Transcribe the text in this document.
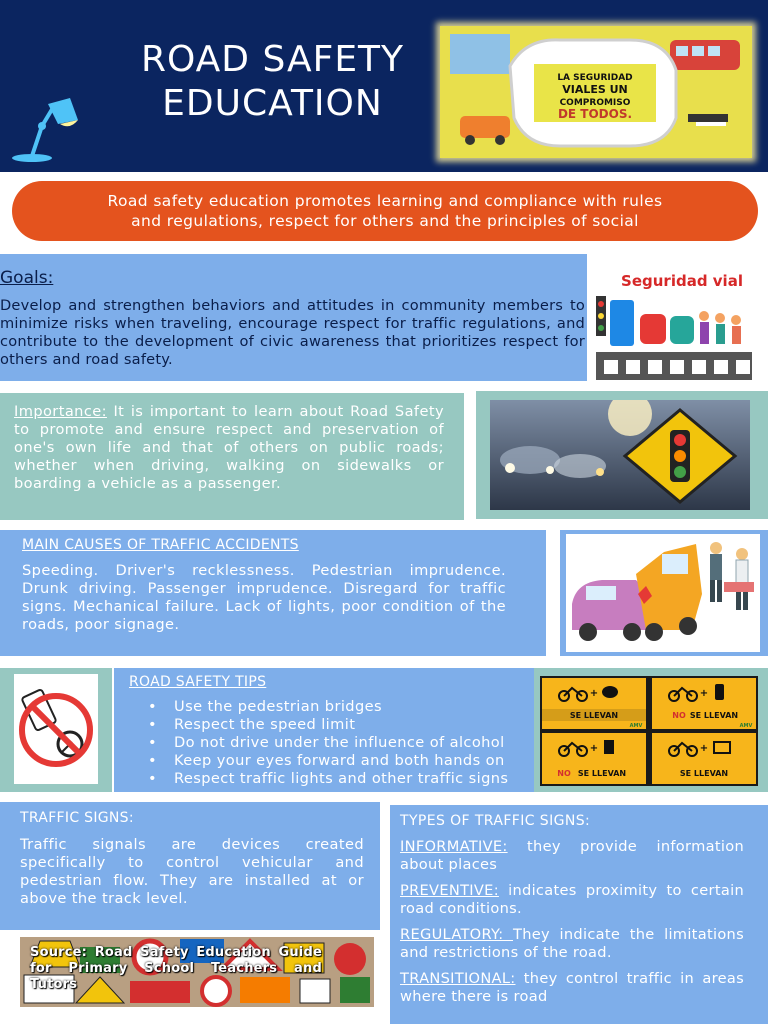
ROAD SAFETY
EDUCATION
LA SEGURIDAD
VIALES UN
COMPROMISO
DE TODOS.
Road safety education promotes learning and compliance with rules
and regulations, respect for others and the principles of social
Goals:
Develop and strengthen behaviors and attitudes in community members to minimize risks when traveling, encourage respect for traffic regulations, and contribute to the development of civic awareness that prioritizes respect for others and road safety.
Seguridad vial
Importance: It is important to learn about Road Safety to promote and ensure respect and preservation of one's own life and that of others on public roads; whether when driving, walking on sidewalks or boarding a vehicle as a passenger.
MAIN CAUSES OF TRAFFIC ACCIDENTS
Speeding. Driver's recklessness. Pedestrian imprudence. Drunk driving. Passenger imprudence. Disregard for traffic signs. Mechanical failure. Lack of lights, poor condition of the roads, poor signage.
ROAD SAFETY TIPS
• Use the pedestrian bridges
• Respect the speed limit
• Do not drive under the influence of alcohol
• Keep your eyes forward and both hands on
• Respect traffic lights and other traffic signs
+
SE LLEVAN
AMV
+
NO SE LLEVAN
AMV
+
NO SE LLEVAN
+
SE LLEVAN
TRAFFIC SIGNS:
Traffic signals are devices created specifically to control vehicular and pedestrian flow. They are installed at or above the track level.
Source: Road Safety Education Guide for Primary School Teachers and Tutors
TYPES OF TRAFFIC SIGNS:

INFORMATIVE: they provide information about places

PREVENTIVE: indicates proximity to certain road conditions.

REGULATORY: They indicate the limitations and restrictions of the road.

TRANSITIONAL: they control traffic in areas where there is road
